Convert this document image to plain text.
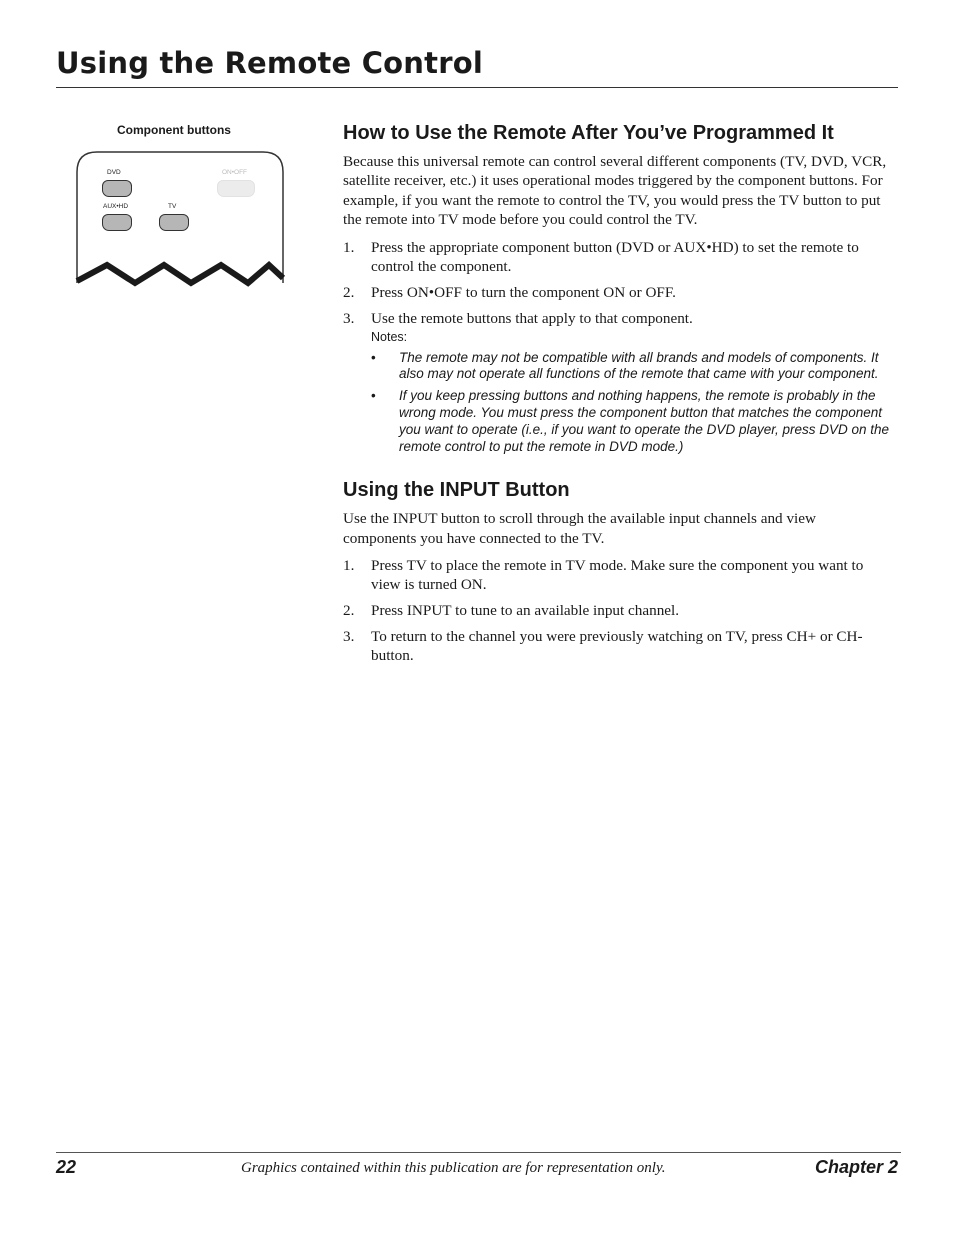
Using the Remote Control
Component buttons
DVD	ON•OFF
AUX•HD	TV
How to Use the Remote After You’ve Programmed It

Because this universal remote can control several different components (TV, DVD, VCR, satellite receiver, etc.) it uses operational modes triggered by the component buttons. For example, if you want the remote to control the TV, you would press the TV button to put the remote into TV mode before you could control the TV.

1. Press the appropriate component button (DVD or AUX•HD) to set the remote to control the component.
2. Press ON•OFF to turn the component ON or OFF.
3. Use the remote buttons that apply to that component.
Notes:
• The remote may not be compatible with all brands and models of components. It also may not operate all functions of the remote that came with your component.
• If you keep pressing buttons and nothing happens, the remote is probably in the wrong mode. You must press the component button that matches the component you want to operate (i.e., if you want to operate the DVD player, press DVD on the remote control to put the remote in DVD mode.)
Using the INPUT Button

Use the INPUT button to scroll through the available input channels and view components you have connected to the TV.

1. Press TV to place the remote in TV mode. Make sure the component you want to view is turned ON.
2. Press INPUT to tune to an available input channel.
3. To return to the channel you were previously watching on TV, press CH+ or CH- button.
22	Graphics contained within this publication are for representation only.	Chapter 2
